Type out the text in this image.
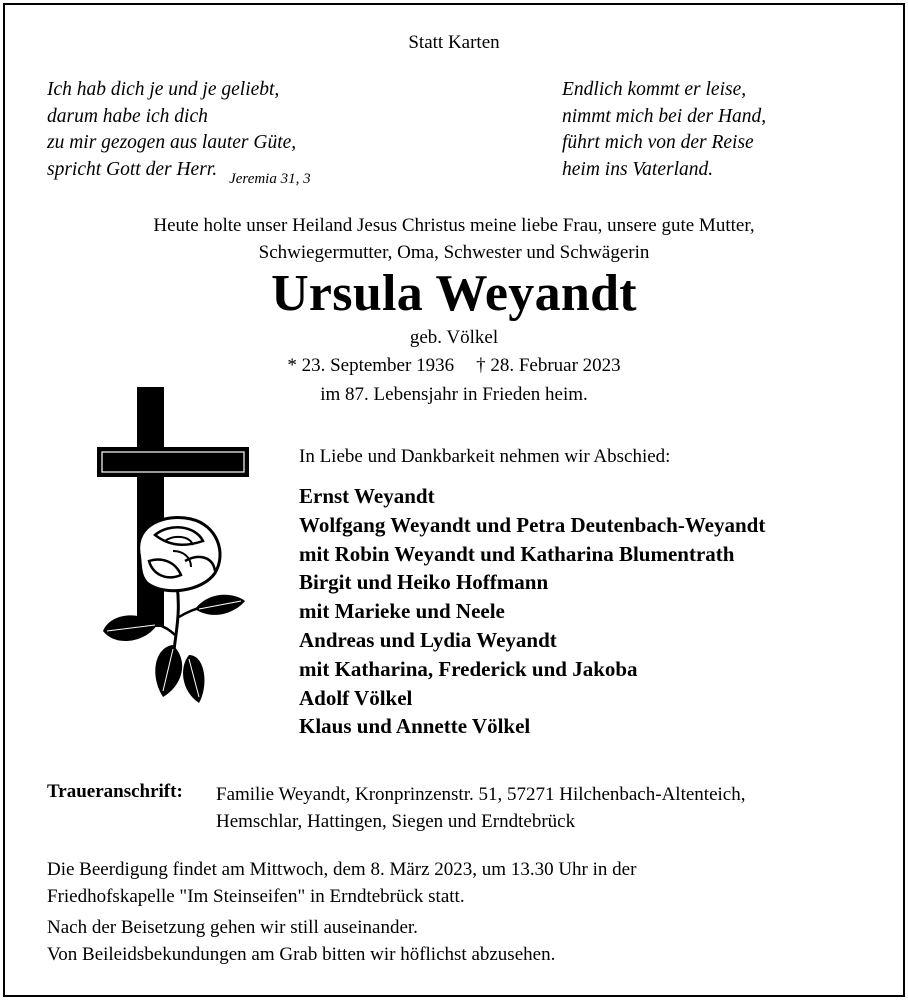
Statt Karten
Ich hab dich je und je geliebt,
darum habe ich dich
zu mir gezogen aus lauter Güte,
spricht Gott der Herr. $_{Jeremia 31, 3}$
Endlich kommt er leise,
nimmt mich bei der Hand,
führt mich von der Reise
heim ins Vaterland.
Heute holte unser Heiland Jesus Christus meine liebe Frau, unsere gute Mutter,
Schwiegermutter, Oma, Schwester und Schwägerin
Ursula Weyandt
geb. Völkel
* 23. September 1936 † 28. Februar 2023
im 87. Lebensjahr in Frieden heim.
In Liebe und Dankbarkeit nehmen wir Abschied:
Ernst Weyandt
Wolfgang Weyandt und Petra Deutenbach-Weyandt
mit Robin Weyandt und Katharina Blumentrath
Birgit und Heiko Hoffmann
mit Marieke und Neele
Andreas und Lydia Weyandt
mit Katharina, Frederick und Jakoba
Adolf Völkel
Klaus und Annette Völkel
Traueranschrift: Familie Weyandt, Kronprinzenstr. 51, 57271 Hilchenbach-Altenteich,
Hemschlar, Hattingen, Siegen und Erndtebrück
Die Beerdigung findet am Mittwoch, dem 8. März 2023, um 13.30 Uhr in der
Friedhofskapelle "Im Steinseifen" in Erndtebrück statt.
Nach der Beisetzung gehen wir still auseinander.
Von Beileidsbekundungen am Grab bitten wir höflichst abzusehen.
